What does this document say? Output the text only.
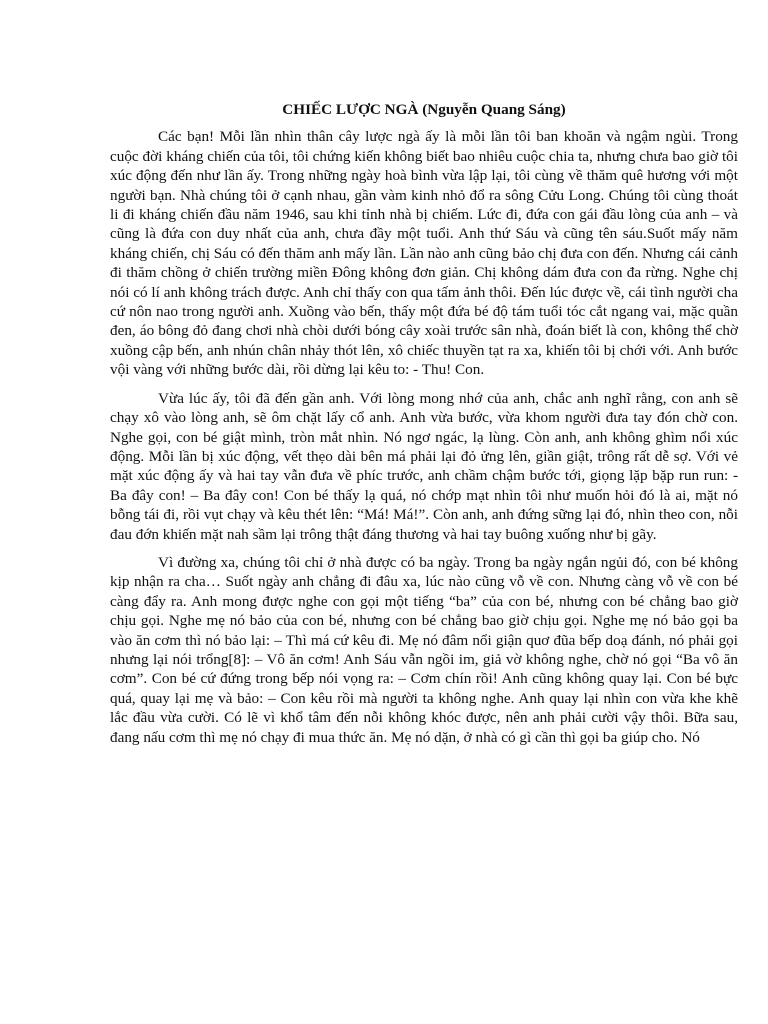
CHIẾC LƯỢC NGÀ (Nguyễn Quang Sáng)

Các bạn! Mỗi lần nhìn thân cây lược ngà ấy là mỗi lần tôi ban khoăn và ngậm ngùi. Trong cuộc đời kháng chiến của tôi, tôi chứng kiến không biết bao nhiêu cuộc chia ta, nhưng chưa bao giờ tôi xúc động đến như lần ấy. Trong những ngày hoà bình vừa lập lại, tôi cùng về thăm quê hương với một người bạn. Nhà chúng tôi ở cạnh nhau, gần vàm kinh nhỏ đổ ra sông Cửu Long. Chúng tôi cùng thoát li đi kháng chiến đầu năm 1946, sau khi tỉnh nhà bị chiếm. Lức đi, đứa con gái đầu lòng của anh – và cũng là đứa con duy nhất của anh, chưa đầy một tuổi. Anh thứ Sáu và cũng tên sáu.Suốt mấy năm kháng chiến, chị Sáu có đến thăm anh mấy lần. Lần nào anh cũng bảo chị đưa con đến. Nhưng cái cảnh đi thăm chồng ở chiến trường miền Đông không đơn giản. Chị không dám đưa con đa rừng. Nghe chị nói có lí anh không trách được. Anh chỉ thấy con qua tấm ảnh thôi. Đến lúc được về, cái tình người cha cứ nôn nao trong người anh. Xuồng vào bến, thấy một đứa bé độ tám tuổi tóc cắt ngang vai, mặc quần đen, áo bông đỏ đang chơi nhà chòi dưới bóng cây xoài trước sân nhà, đoán biết là con, không thể chờ xuồng cập bến, anh nhún chân nhảy thót lên, xô chiếc thuyền tạt ra xa, khiến tôi bị chới với. Anh bước vội vàng với những bước dài, rồi dừng lại kêu to: - Thu! Con.

Vừa lúc ấy, tôi đã đến gần anh. Với lòng mong nhớ của anh, chắc anh nghĩ rằng, con anh sẽ chạy xô vào lòng anh, sẽ ôm chặt lấy cổ anh. Anh vừa bước, vừa khom người đưa tay đón chờ con. Nghe gọi, con bé giật mình, tròn mắt nhìn. Nó ngơ ngác, lạ lùng. Còn anh, anh không ghìm nổi xúc động. Mỗi lần bị xúc động, vết thẹo dài bên má phải lại đỏ ửng lên, giần giật, trông rất dễ sợ. Với vẻ mặt xúc động ấy và hai tay vẫn đưa về phíc trước, anh chầm chậm bước tới, giọng lặp bặp run run: - Ba đây con! – Ba đây con! Con bé thấy lạ quá, nó chớp mạt nhìn tôi như muốn hỏi đó là ai, mặt nó bỗng tái đi, rồi vụt chạy và kêu thét lên: “Má! Má!”. Còn anh, anh đứng sững lại đó, nhìn theo con, nỗi đau đớn khiến mặt nah sầm lại trông thật đáng thương và hai tay buông xuống như bị gãy.

Vì đường xa, chúng tôi chỉ ở nhà được có ba ngày. Trong ba ngày ngắn ngủi đó, con bé không kịp nhận ra cha… Suốt ngày anh chẳng đi đâu xa, lúc nào cũng vỗ về con. Nhưng càng vỗ về con bé càng đẩy ra. Anh mong được nghe con gọi một tiếng “ba” của con bé, nhưng con bé chẳng bao giờ chịu gọi. Nghe mẹ nó bảo của con bé, nhưng con bé chẳng bao giờ chịu gọi. Nghe mẹ nó bảo gọi ba vào ăn cơm thì nó bảo lại: – Thì má cứ kêu đi. Mẹ nó đâm nổi giận quơ đũa bếp doạ đánh, nó phải gọi nhưng lại nói trổng[8]: – Vô ăn cơm! Anh Sáu vẫn ngồi im, giả vờ không nghe, chờ nó gọi “Ba vô ăn cơm”. Con bé cứ đứng trong bếp nói vọng ra: – Cơm chín rồi! Anh cũng không quay lại. Con bé bực quá, quay lại mẹ và bảo: – Con kêu rồi mà người ta không nghe. Anh quay lại nhìn con vừa khe khẽ lắc đầu vừa cười. Có lẽ vì khổ tâm đến nỗi không khóc được, nên anh phải cười vậy thôi. Bữa sau, đang nấu cơm thì mẹ nó chạy đi mua thức ăn. Mẹ nó dặn, ở nhà có gì cần thì gọi ba giúp cho. Nó
